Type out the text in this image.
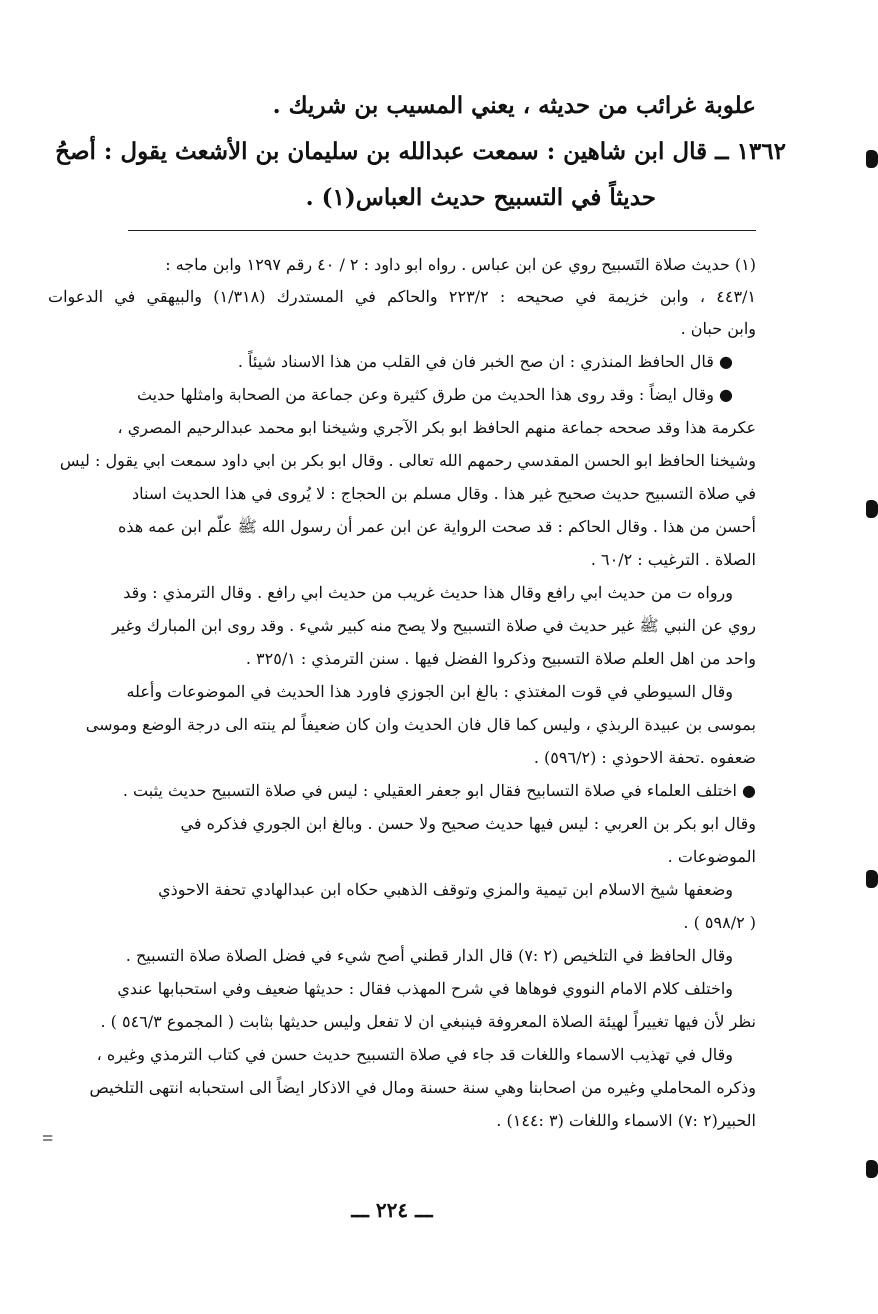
علوبة غرائب من حديثه ، يعني المسيب بن شريك .
١٣٦٢ ــ قال ابن شاهين : سمعت عبدالله بن سليمان بن الأشعث يقول : أصحُ
حديثاً في التسبيح حديث العباس(١) .
(١) حديث صلاة التَسبيح روي عن ابن عباس . رواه ابو داود : ٢ / ٤٠ رقم ١٢٩٧ وابن ماجه :
٤٤٣/١ ، وابن خزيمة في صحيحه : ٢٢٣/٢ والحاكم في المستدرك (١/٣١٨) والبيهقي في الدعوات
وابن حبان .
● قال الحافظ المنذري : ان صح الخبر فان في القلب من هذا الاسناد شيئاً .
● وقال ايضاً : وقد روى هذا الحديث من طرق كثيرة وعن جماعة من الصحابة وامثلها حديث
عكرمة هذا وقد صححه جماعة منهم الحافظ ابو بكر الآجري وشيخنا ابو محمد عبدالرحيم المصري ،
وشيخنا الحافظ ابو الحسن المقدسي رحمهم الله تعالى . وقال ابو بكر بن ابي داود سمعت ابي يقول : ليس
في صلاة التسبيح حديث صحيح غير هذا . وقال مسلم بن الحجاج : لا يُروى في هذا الحديث اسناد
أحسن من هذا . وقال الحاكم : قد صحت الرواية عن ابن عمر أن رسول الله ﷺ علّم ابن عمه هذه
الصلاة . الترغيب : ٦٠/٢ .
ورواه ت من حديث ابي رافع وقال هذا حديث غريب من حديث ابي رافع . وقال الترمذي : وقد
روي عن النبي ﷺ غير حديث في صلاة التسبيح ولا يصح منه كبير شيء . وقد روى ابن المبارك وغير
واحد من اهل العلم صلاة التسبيح وذكروا الفضل فيها . سنن الترمذي : ٣٢٥/١ .
وقال السيوطي في قوت المغتذي : بالغ ابن الجوزي فاورد هذا الحديث في الموضوعات وأعله
بموسى بن عبيدة الربذي ، وليس كما قال فان الحديث وان كان ضعيفاً لم ينته الى درجة الوضع وموسى
ضعفوه .تحفة الاحوذي : (٥٩٦/٢) .
● اختلف العلماء في صلاة التسابيح فقال ابو جعفر العقيلي : ليس في صلاة التسبيح حديث يثبت .
وقال ابو بكر بن العربي : ليس فيها حديث صحيح ولا حسن . وبالغ ابن الجوري فذكره في
الموضوعات .
وضعفها شيخ الاسلام ابن تيمية والمزي وتوقف الذهبي حكاه ابن عبدالهادي تحفة الاحوذي
( ٥٩٨/٢ ) .
وقال الحافظ في التلخيص (٢ :٧) قال الدار قطني أصح شيء في فضل الصلاة صلاة التسبيح .
واختلف كلام الامام النووي فوهاها في شرح المهذب فقال : حديثها ضعيف وفي استحبابها عندي
نظر لأن فيها تغييراً لهيئة الصلاة المعروفة فينبغي ان لا تفعل وليس حديثها بثابت ( المجموع ٥٤٦/٣ ) .
وقال في تهذيب الاسماء واللغات قد جاء في صلاة التسبيح حديث حسن في كتاب الترمذي وغيره ،
وذكره المحاملي وغيره من اصحابنا وهي سنة حسنة ومال في الاذكار ايضاً الى استحبابه انتهى التلخيص
الحبير(٢ :٧) الاسماء واللغات (٣ :١٤٤) .
=
ـــ ٢٢٤ ـــ
